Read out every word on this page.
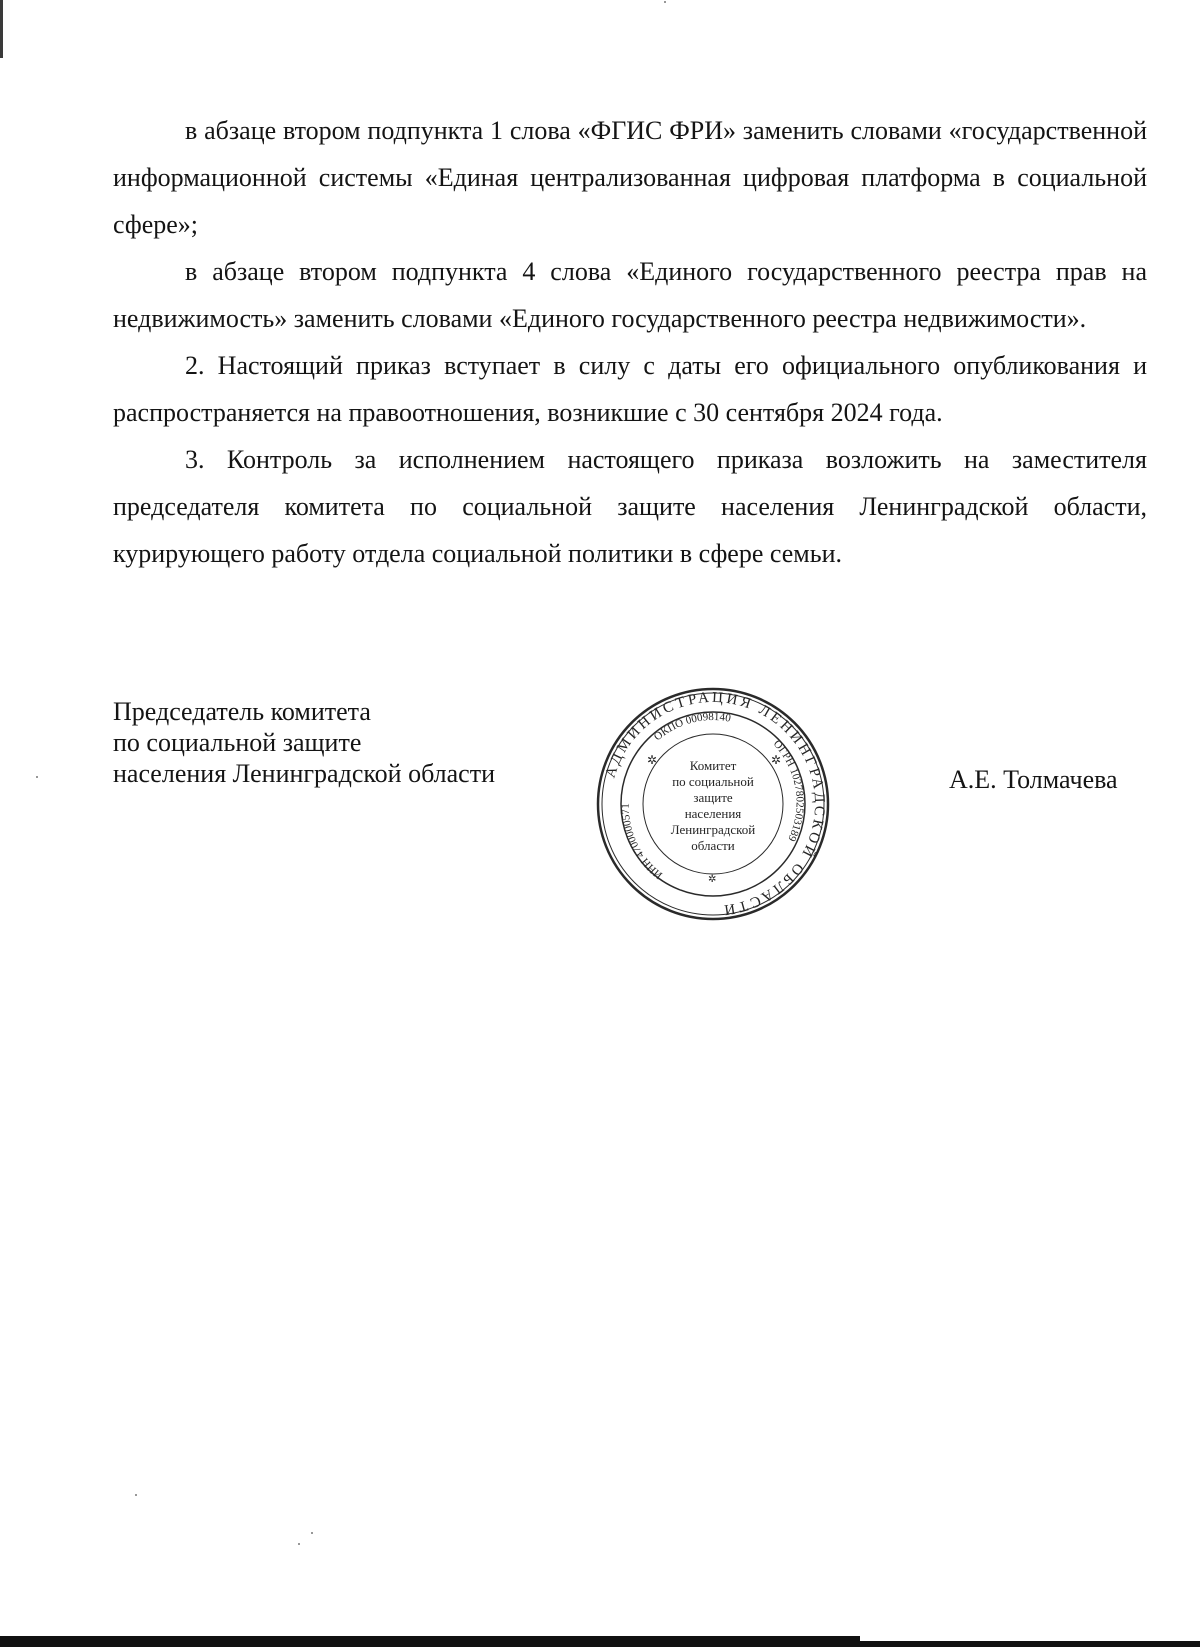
в абзаце втором подпункта 1 слова «ФГИС ФРИ» заменить словами «государственной информационной системы «Единая централизованная цифровая платформа в социальной сфере»;

в абзаце втором подпункта 4 слова «Единого государственного реестра прав на недвижимость» заменить словами «Единого государственного реестра недвижимости».

2. Настоящий приказ вступает в силу с даты его официального опубликования и распространяется на правоотношения, возникшие с 30 сентября 2024 года.

3. Контроль за исполнением настоящего приказа возложить на заместителя председателя комитета по социальной защите населения Ленинградской области, курирующего работу отдела социальной политики в сфере семьи.

Председатель комитета
по социальной защите
населения Ленинградской области	А.Е. Толмачева
АДМИНИСТРАЦИЯ ЛЕНИНГРАДСКОЙ ОБЛАСТИ
ОКПО 00098140
ОГРН 1027802503189
ИНН 4700000571
✲	✲
✲
Комитет
по социальной
защите
населения
Ленинградской
области
